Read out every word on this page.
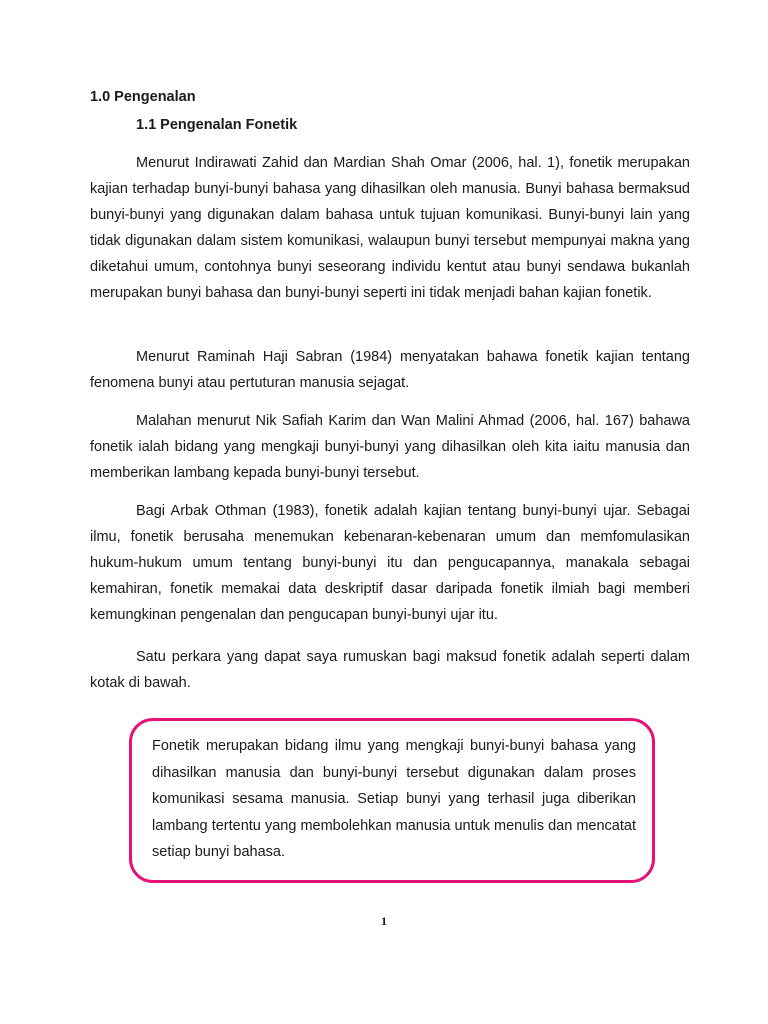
1.0 Pengenalan
1.1 Pengenalan Fonetik

Menurut Indirawati Zahid dan Mardian Shah Omar (2006, hal. 1), fonetik merupakan kajian terhadap bunyi-bunyi bahasa yang dihasilkan oleh manusia. Bunyi bahasa bermaksud bunyi-bunyi yang digunakan dalam bahasa untuk tujuan komunikasi. Bunyi-bunyi lain yang tidak digunakan dalam sistem komunikasi, walaupun bunyi tersebut mempunyai makna yang diketahui umum, contohnya bunyi seseorang individu kentut atau bunyi sendawa bukanlah merupakan bunyi bahasa dan bunyi-bunyi seperti ini tidak menjadi bahan kajian fonetik.

Menurut Raminah Haji Sabran (1984) menyatakan bahawa fonetik kajian tentang fenomena bunyi atau pertuturan manusia sejagat.

Malahan menurut Nik Safiah Karim dan Wan Malini Ahmad (2006, hal. 167) bahawa fonetik ialah bidang yang mengkaji bunyi-bunyi yang dihasilkan oleh kita iaitu manusia dan memberikan lambang kepada bunyi-bunyi tersebut.

Bagi Arbak Othman (1983), fonetik adalah kajian tentang bunyi-bunyi ujar. Sebagai ilmu, fonetik berusaha menemukan kebenaran-kebenaran umum dan memfomulasikan hukum-hukum umum tentang bunyi-bunyi itu dan pengucapannya, manakala sebagai kemahiran, fonetik memakai data deskriptif dasar daripada fonetik ilmiah bagi memberi kemungkinan pengenalan dan pengucapan bunyi-bunyi ujar itu.

Satu perkara yang dapat saya rumuskan bagi maksud fonetik adalah seperti dalam kotak di bawah.

Fonetik merupakan bidang ilmu yang mengkaji bunyi-bunyi bahasa yang dihasilkan manusia dan bunyi-bunyi tersebut digunakan dalam proses komunikasi sesama manusia. Setiap bunyi yang terhasil juga diberikan lambang tertentu yang membolehkan manusia untuk menulis dan mencatat setiap bunyi bahasa.

1
